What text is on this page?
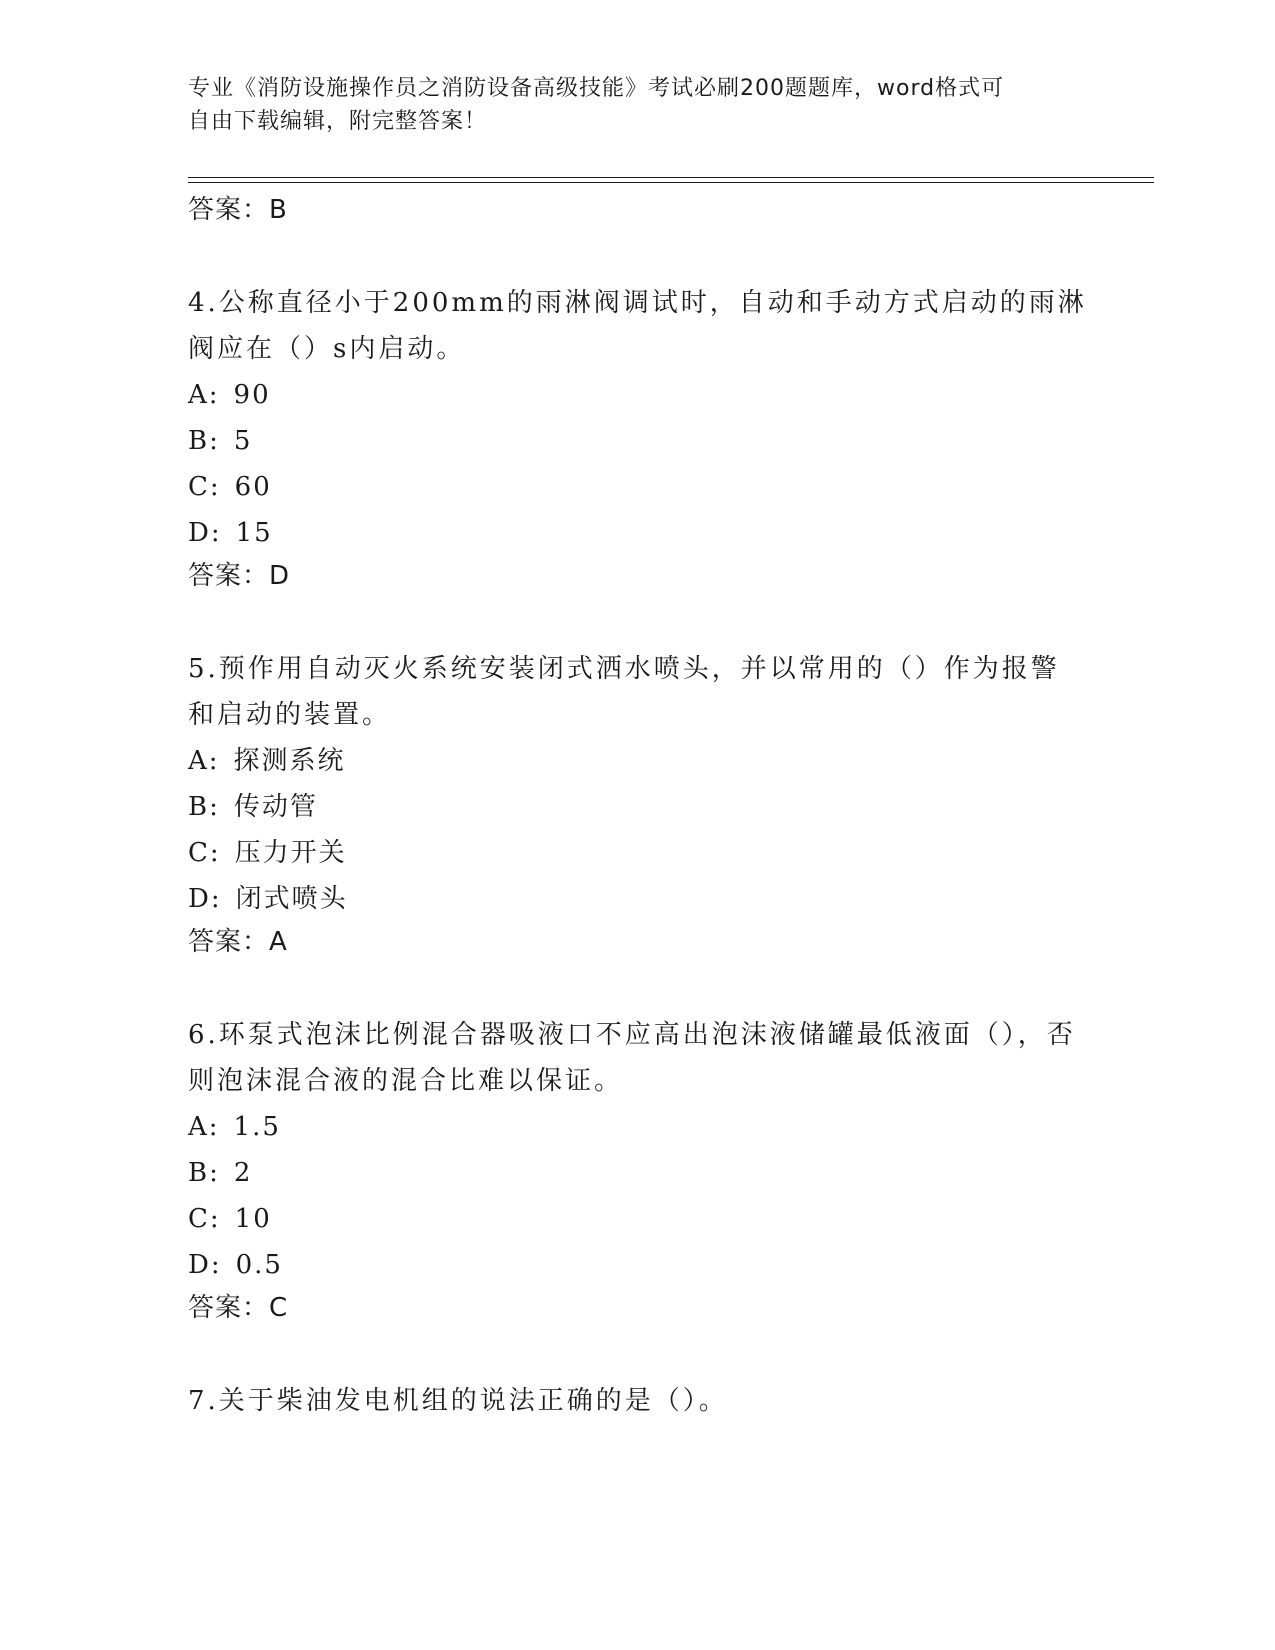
专业《消防设施操作员之消防设备高级技能》考试必刷200题题库，word格式可
自由下载编辑，附完整答案！
答案：B
4.公称直径小于200mm的雨淋阀调试时，自动和手动方式启动的雨淋阀应在（）s内启动。
A: 90
B: 5
C: 60
D: 15
答案：D
5.预作用自动灭火系统安装闭式洒水喷头，并以常用的（）作为报警和启动的装置。
A: 探测系统
B: 传动管
C: 压力开关
D: 闭式喷头
答案：A
6.环泵式泡沫比例混合器吸液口不应高出泡沫液储罐最低液面（），否则泡沫混合液的混合比难以保证。
A: 1.5
B: 2
C: 10
D: 0.5
答案：C
7.关于柴油发电机组的说法正确的是（）。
